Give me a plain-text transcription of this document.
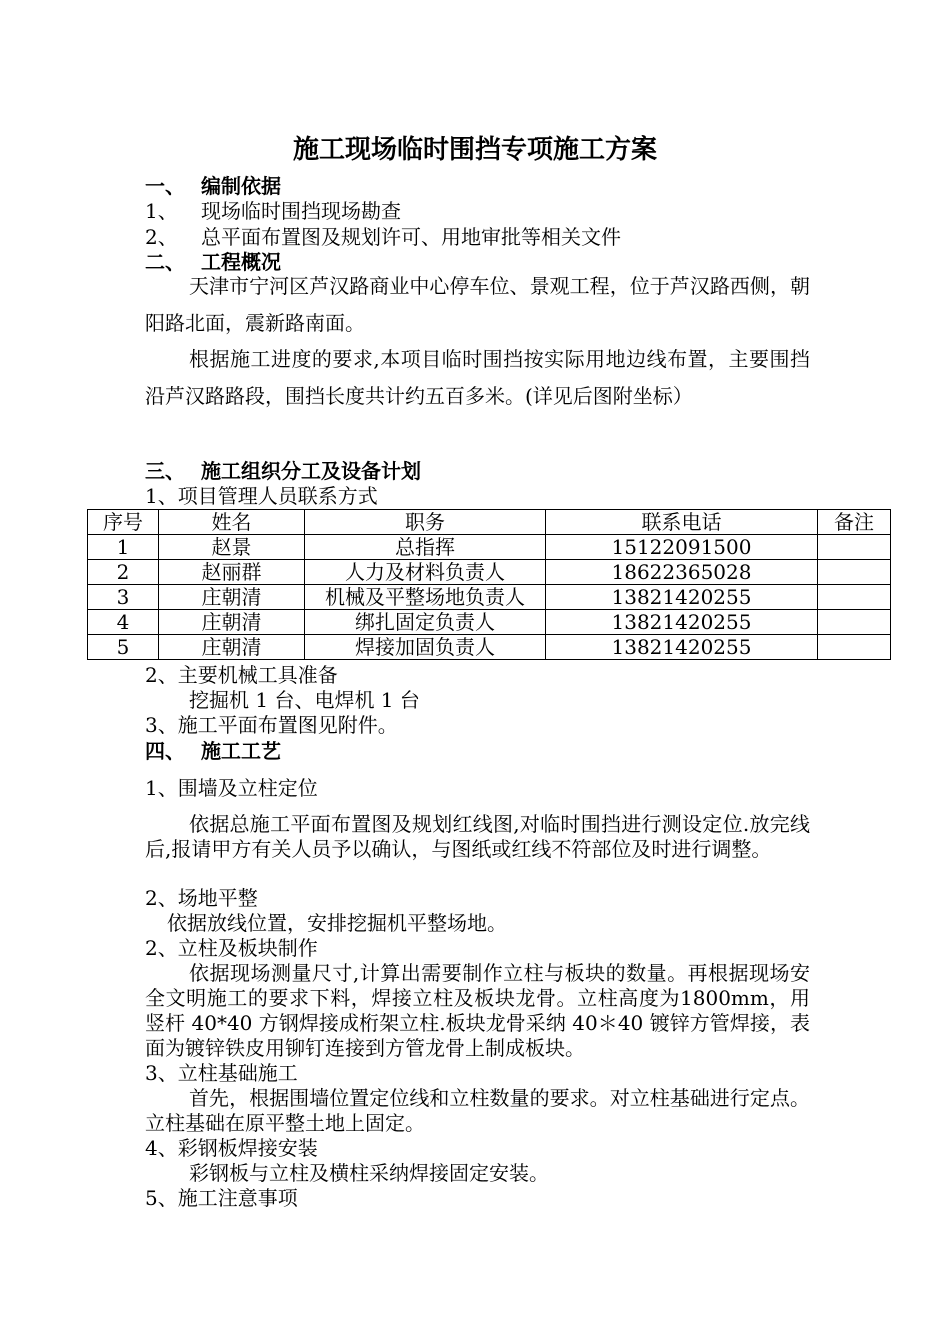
施工现场临时围挡专项施工方案
一、 编制依据
1、 现场临时围挡现场勘查
2、 总平面布置图及规划许可、用地审批等相关文件
二、 工程概况
天津市宁河区芦汉路商业中心停车位、景观工程，位于芦汉路西侧，朝阳路北面，震新路南面。
根据施工进度的要求,本项目临时围挡按实际用地边线布置，主要围挡沿芦汉路路段，围挡长度共计约五百多米。(详见后图附坐标）
三、 施工组织分工及设备计划
1、项目管理人员联系方式
序号	姓名	职务	联系电话	备注
1	赵景	总指挥	15122091500	
2	赵丽群	人力及材料负责人	18622365028	
3	庄朝清	机械及平整场地负责人	13821420255	
4	庄朝清	绑扎固定负责人	13821420255	
5	庄朝清	焊接加固负责人	13821420255	
2、主要机械工具准备
挖掘机 1 台、电焊机 1 台
3、施工平面布置图见附件。
四、 施工工艺
1、围墙及立柱定位
依据总施工平面布置图及规划红线图,对临时围挡进行测设定位.放完线后,报请甲方有关人员予以确认，与图纸或红线不符部位及时进行调整。
2、场地平整
依据放线位置，安排挖掘机平整场地。
2、立柱及板块制作
依据现场测量尺寸,计算出需要制作立柱与板块的数量。再根据现场安全文明施工的要求下料，焊接立柱及板块龙骨。立柱高度为1800mm，用竖杆 40*40 方钢焊接成桁架立柱.板块龙骨采纳 40＊40 镀锌方管焊接，表面为镀锌铁皮用铆钉连接到方管龙骨上制成板块。
3、立柱基础施工
首先，根据围墙位置定位线和立柱数量的要求。对立柱基础进行定点。立柱基础在原平整土地上固定。
4、彩钢板焊接安装
彩钢板与立柱及横柱采纳焊接固定安装。
5、施工注意事项
